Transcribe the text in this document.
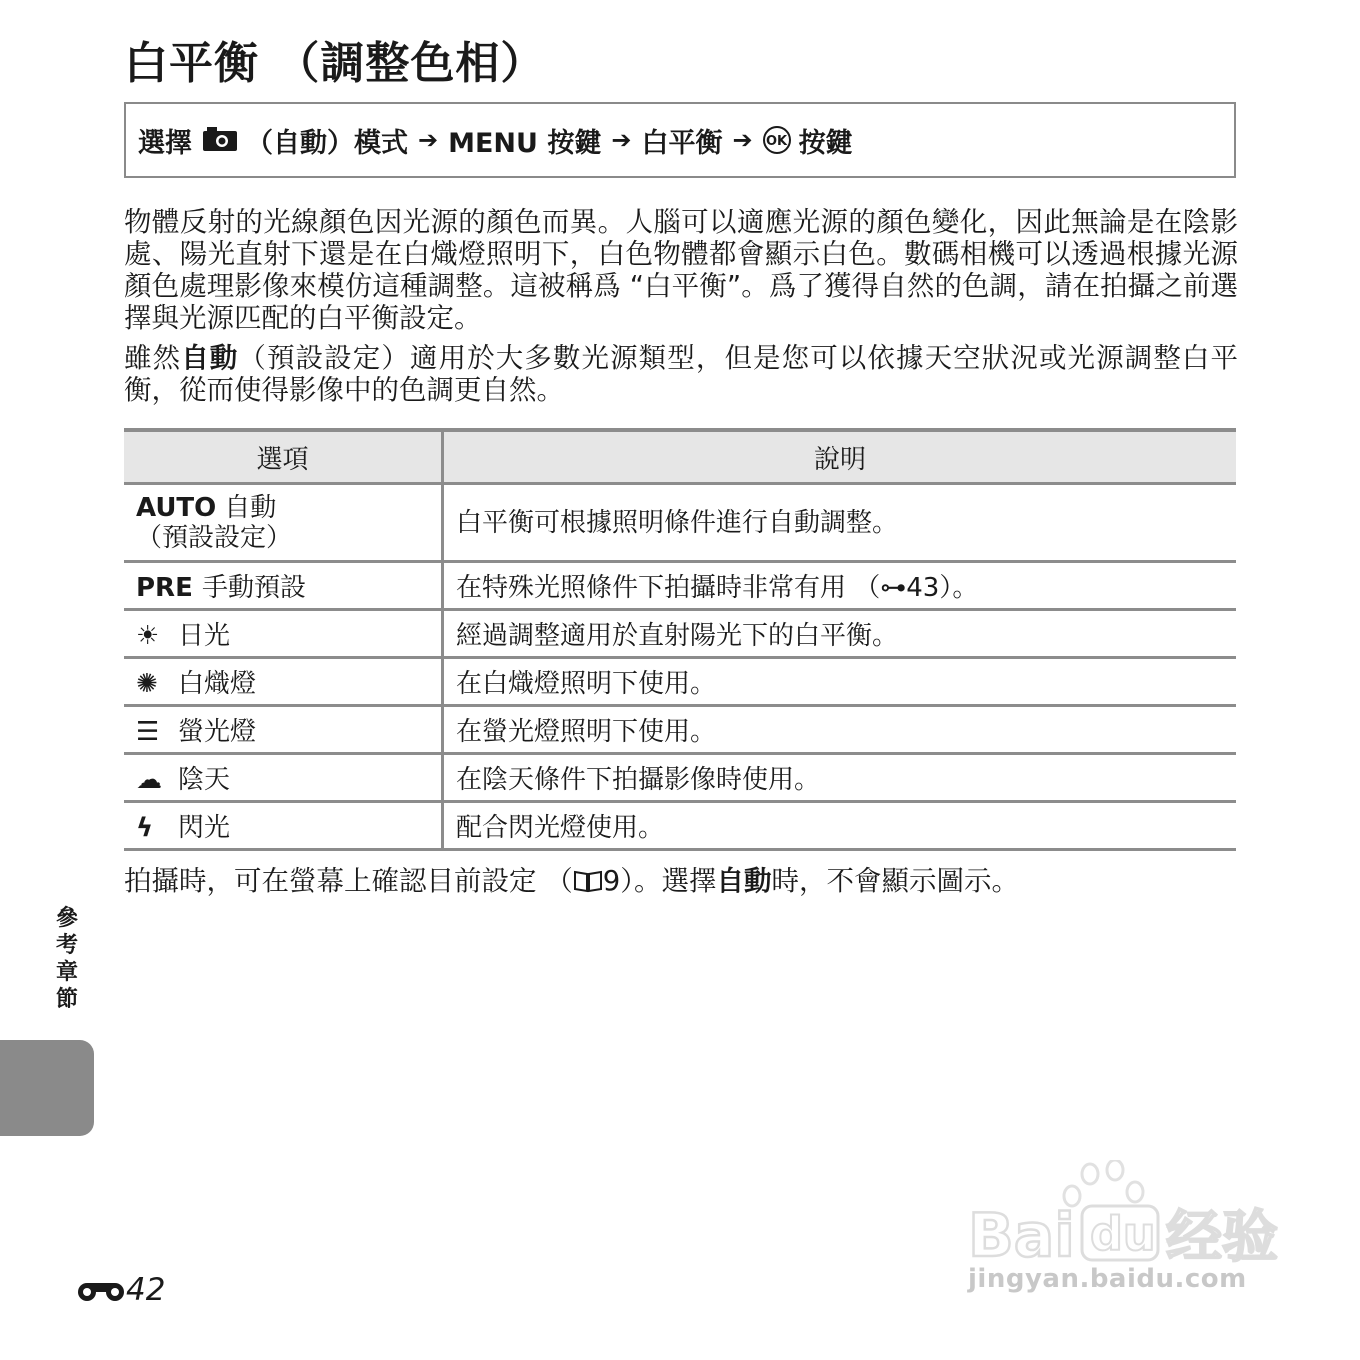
白平衡 （調整色相）
選擇 （自動）模式 ➔ MENU 按鍵 ➔ 白平衡 ➔ OK 按鍵

物體反射的光線顏色因光源的顏色而異。人腦可以適應光源的顏色變化，因此無論是在陰影處、陽光直射下還是在白熾燈照明下，白色物體都會顯示白色。數碼相機可以透過根據光源顏色處理影像來模仿這種調整。這被稱爲 “白平衡”。爲了獲得自然的色調，請在拍攝之前選擇與光源匹配的白平衡設定。

雖然自動（預設設定）適用於大多數光源類型，但是您可以依據天空狀況或光源調整白平衡，從而使得影像中的色調更自然。

選項	說明
AUTO 自動
（預設設定）	白平衡可根據照明條件進行自動調整。
PRE 手動預設	在特殊光照條件下拍攝時非常有用 （⊶43）。
☀ 日光	經過調整適用於直射陽光下的白平衡。
✺ 白熾燈	在白熾燈照明下使用。
☰ 螢光燈	在螢光燈照明下使用。
☁ 陰天	在陰天條件下拍攝影像時使用。
ϟ 閃光	配合閃光燈使用。
拍攝時，可在螢幕上確認目前設定 （ 9）。選擇自動時，不會顯示圖示。
參考章節
42
Bai du 经验
jingyan.baidu.com
